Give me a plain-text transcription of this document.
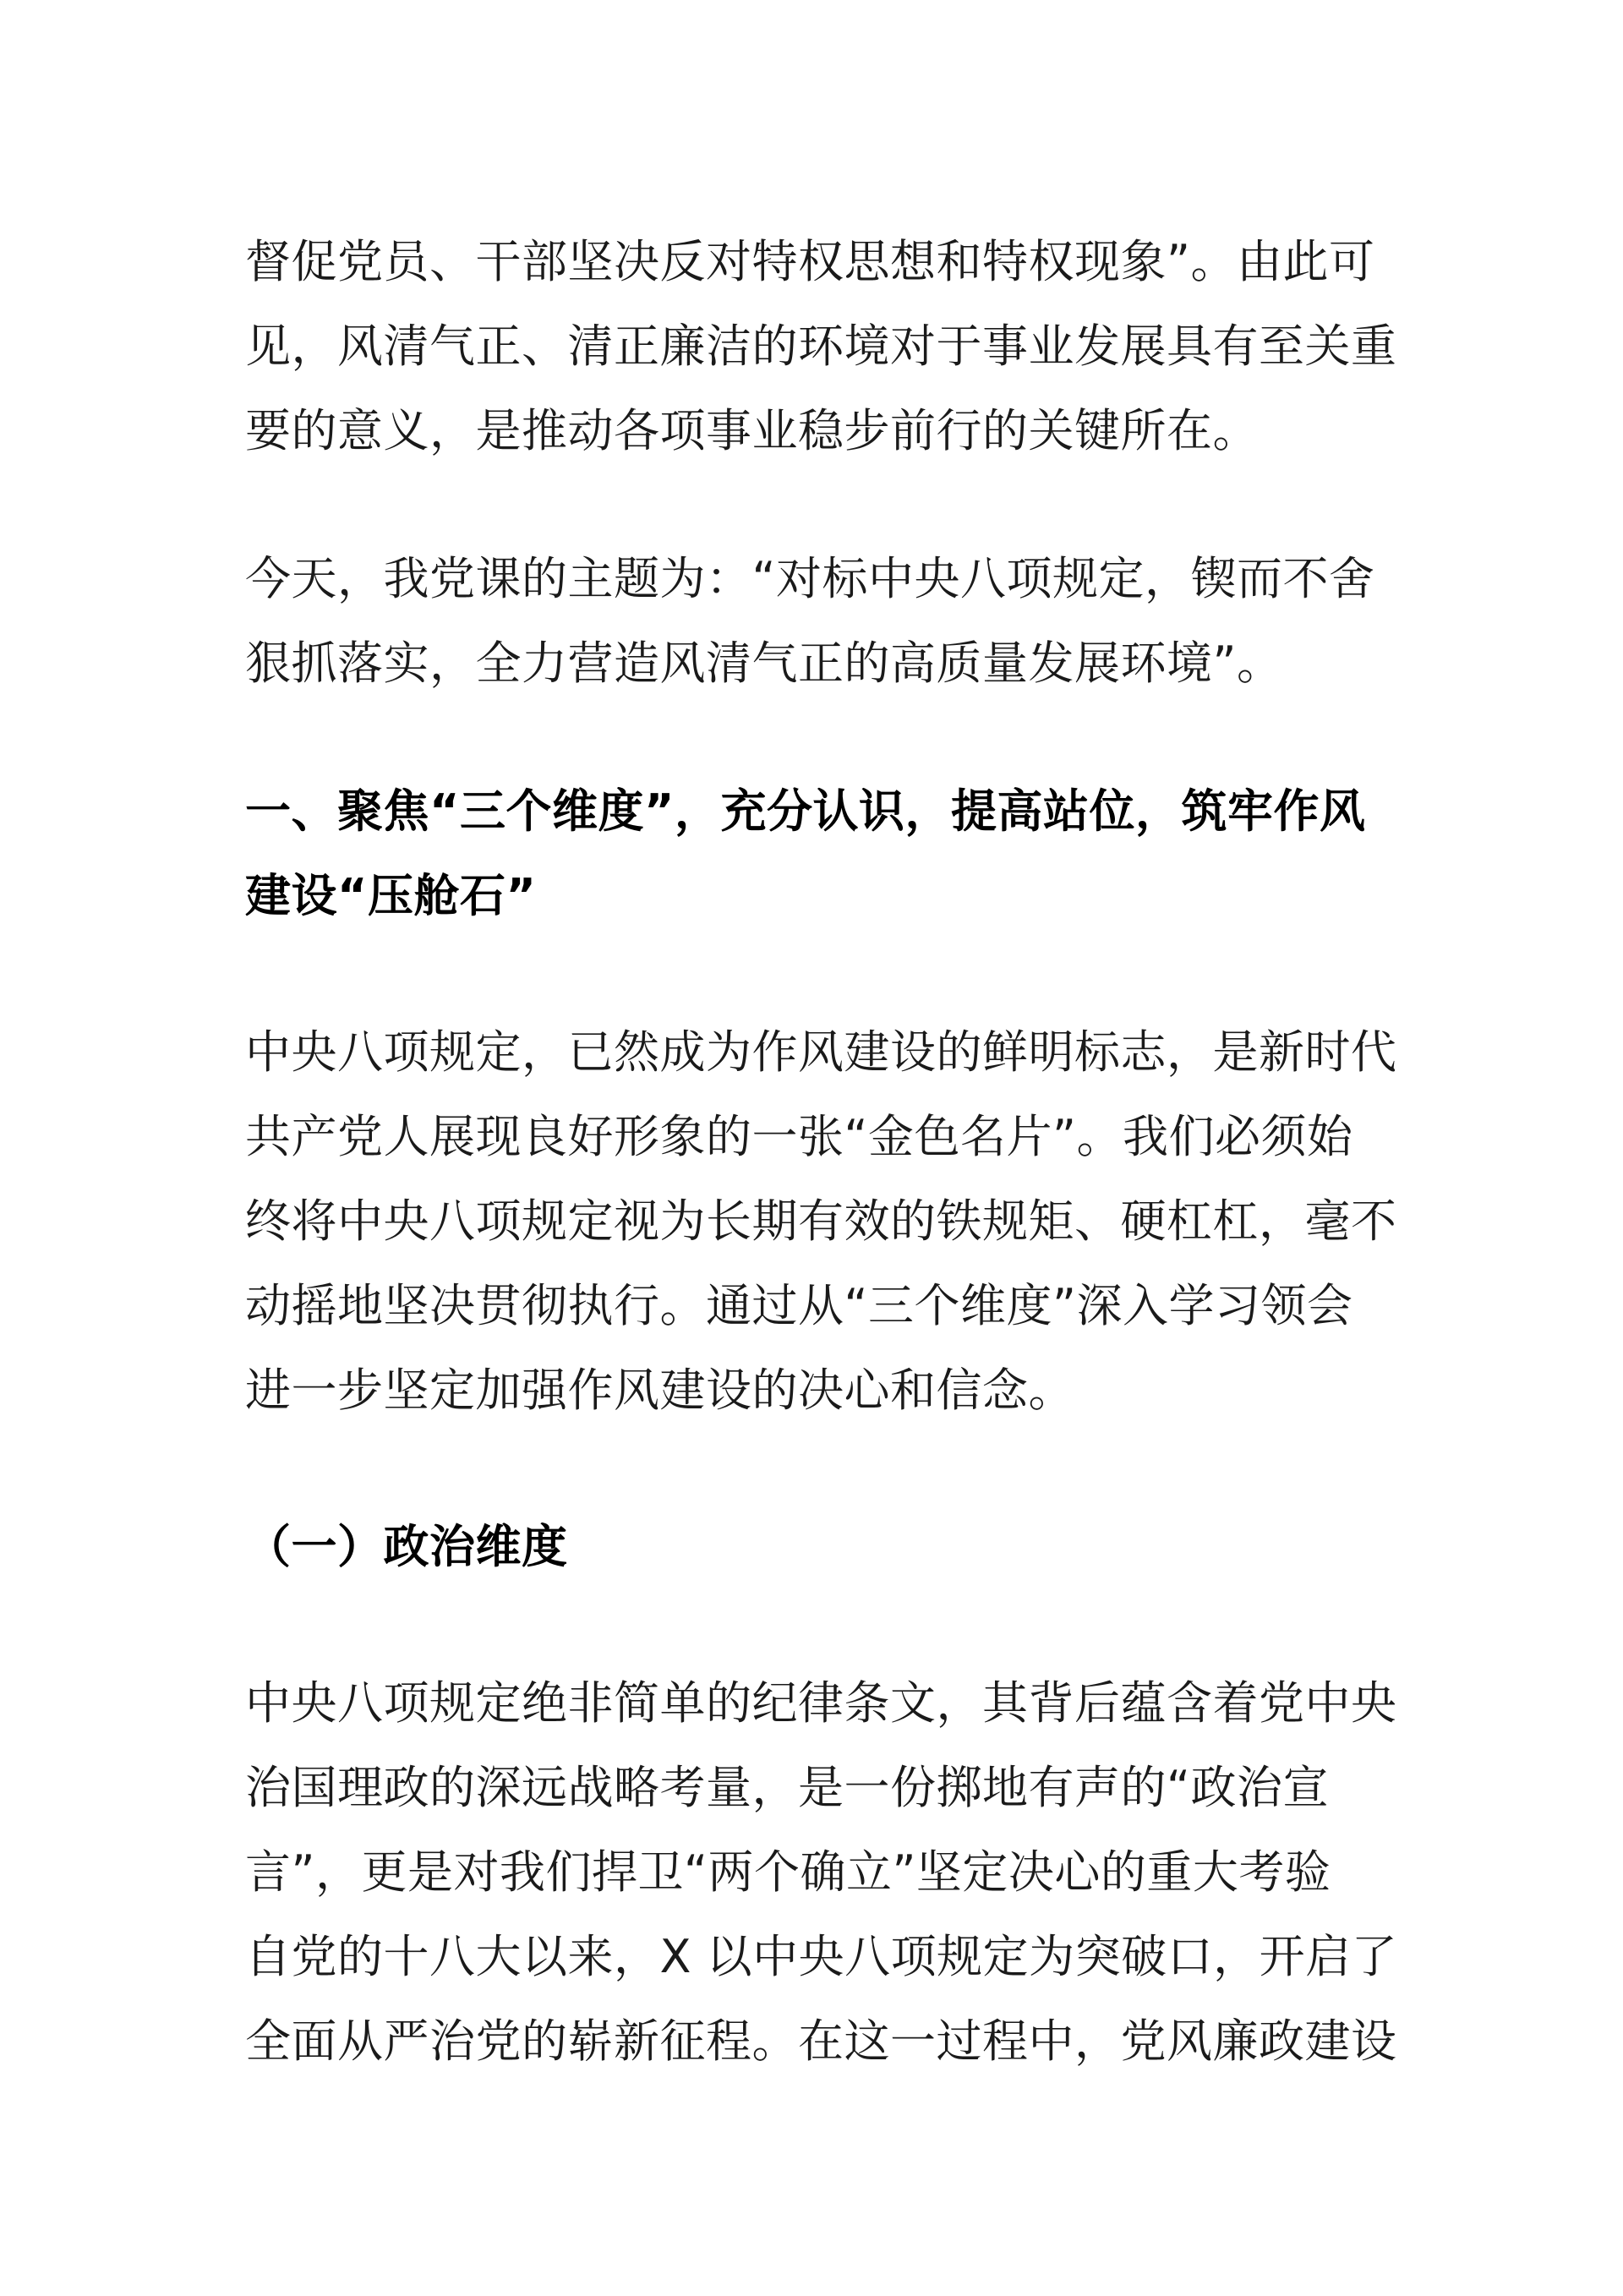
督促党员、干部坚决反对特权思想和特权现象”。由此可
见，风清气正、清正廉洁的环境对于事业发展具有至关重
要的意义，是推动各项事业稳步前行的关键所在。
今天，我党课的主题为：“对标中央八项规定，锲而不舍
狠抓落实，全力营造风清气正的高质量发展环境”。
一、聚焦“三个维度”，充分认识，提高站位，筑牢作风
建设“压舱石”
中央八项规定，已然成为作风建设的鲜明标志，是新时代
共产党人展现良好形象的一张“金色名片”。我们必须始
终将中央八项规定视为长期有效的铁规矩、硬杠杠，毫不
动摇地坚决贯彻执行。通过从“三个维度”深入学习领会
进一步坚定加强作风建设的决心和信念。
（一）政治维度
中央八项规定绝非简单的纪律条文，其背后蕴含着党中央
治国理政的深远战略考量，是一份掷地有声的“政治宣
言”，更是对我们捍卫“两个确立”坚定决心的重大考验
自党的十八大以来，X 以中央八项规定为突破口，开启了
全面从严治党的崭新征程。在这一过程中，党风廉政建设
